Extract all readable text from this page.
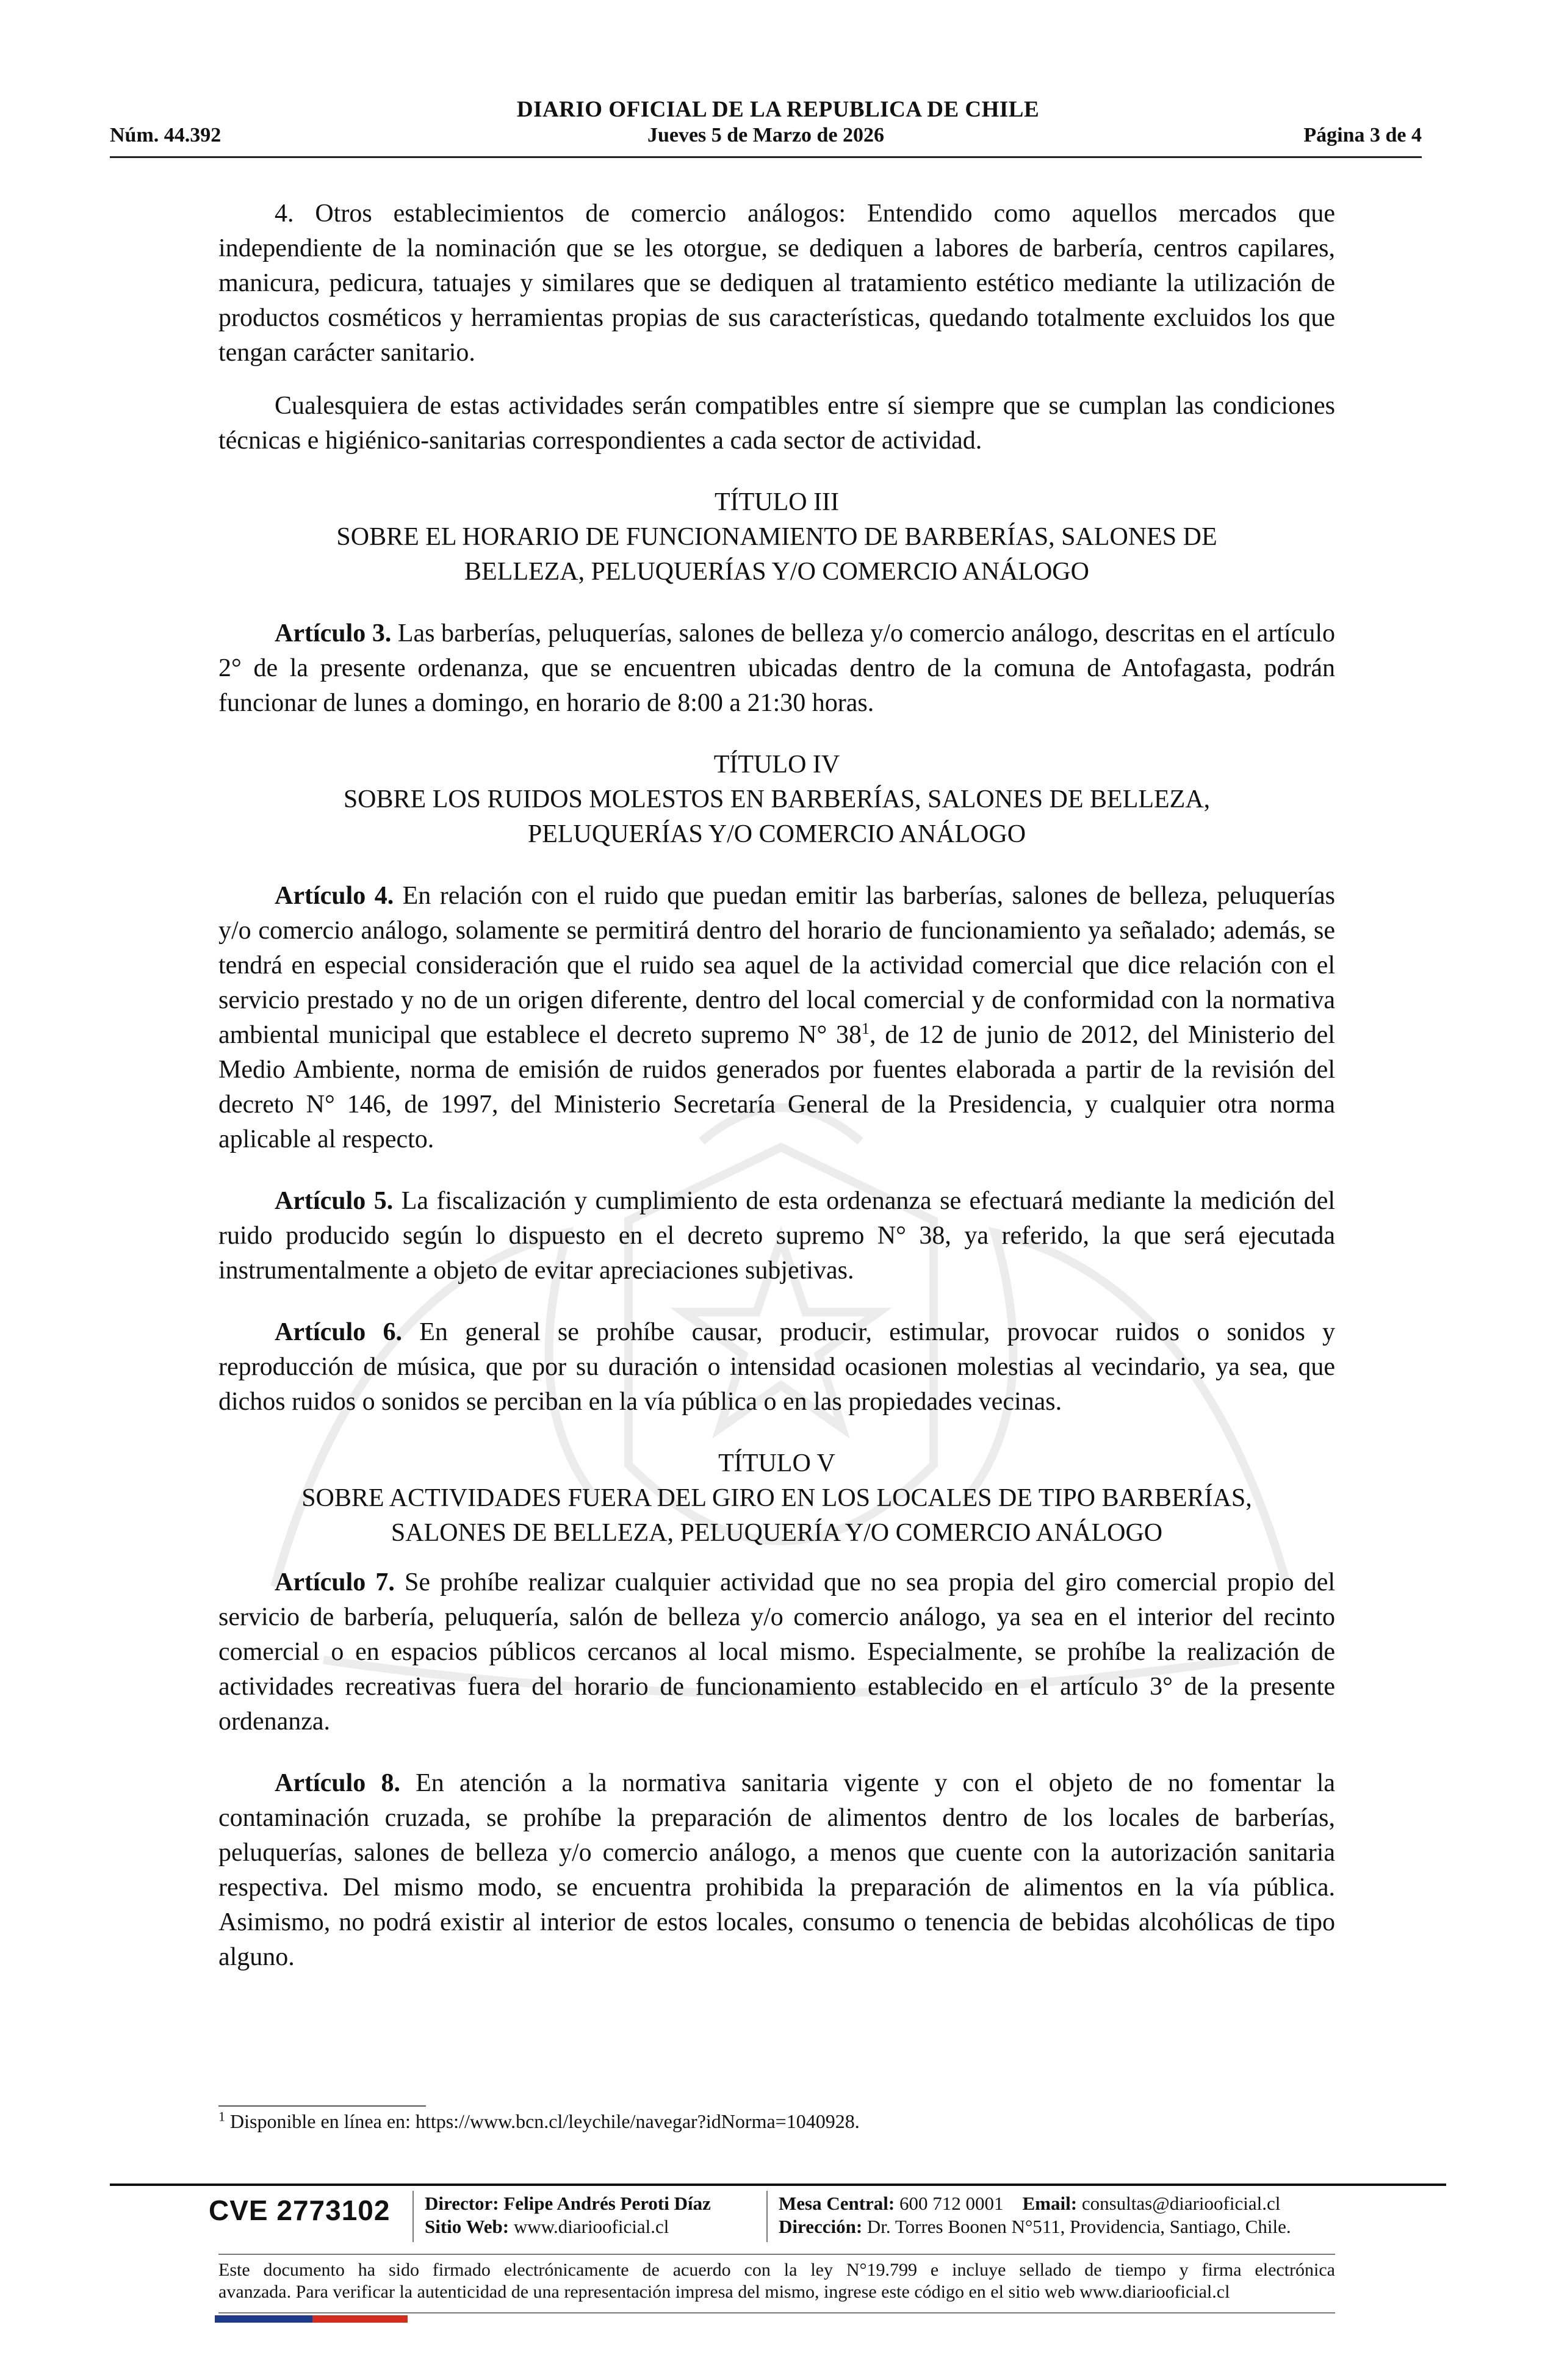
DIARIO OFICIAL DE LA REPUBLICA DE CHILE
Núm. 44.392	Jueves 5 de Marzo de 2026	Página 3 de 4

4. Otros establecimientos de comercio análogos: Entendido como aquellos mercados que independiente de la nominación que se les otorgue, se dediquen a labores de barbería, centros capilares, manicura, pedicura, tatuajes y similares que se dediquen al tratamiento estético mediante la utilización de productos cosméticos y herramientas propias de sus características, quedando totalmente excluidos los que tengan carácter sanitario.

Cualesquiera de estas actividades serán compatibles entre sí siempre que se cumplan las condiciones técnicas e higiénico-sanitarias correspondientes a cada sector de actividad.

TÍTULO III
SOBRE EL HORARIO DE FUNCIONAMIENTO DE BARBERÍAS, SALONES DE
BELLEZA, PELUQUERÍAS Y/O COMERCIO ANÁLOGO

Artículo 3. Las barberías, peluquerías, salones de belleza y/o comercio análogo, descritas en el artículo 2° de la presente ordenanza, que se encuentren ubicadas dentro de la comuna de Antofagasta, podrán funcionar de lunes a domingo, en horario de 8:00 a 21:30 horas.

TÍTULO IV
SOBRE LOS RUIDOS MOLESTOS EN BARBERÍAS, SALONES DE BELLEZA,
PELUQUERÍAS Y/O COMERCIO ANÁLOGO

Artículo 4. En relación con el ruido que puedan emitir las barberías, salones de belleza, peluquerías y/o comercio análogo, solamente se permitirá dentro del horario de funcionamiento ya señalado; además, se tendrá en especial consideración que el ruido sea aquel de la actividad comercial que dice relación con el servicio prestado y no de un origen diferente, dentro del local comercial y de conformidad con la normativa ambiental municipal que establece el decreto supremo N° $38^1$, de 12 de junio de 2012, del Ministerio del Medio Ambiente, norma de emisión de ruidos generados por fuentes elaborada a partir de la revisión del decreto N° 146, de 1997, del Ministerio Secretaría General de la Presidencia, y cualquier otra norma aplicable al respecto.

Artículo 5. La fiscalización y cumplimiento de esta ordenanza se efectuará mediante la medición del ruido producido según lo dispuesto en el decreto supremo N° 38, ya referido, la que será ejecutada instrumentalmente a objeto de evitar apreciaciones subjetivas.

Artículo 6. En general se prohíbe causar, producir, estimular, provocar ruidos o sonidos y reproducción de música, que por su duración o intensidad ocasionen molestias al vecindario, ya sea, que dichos ruidos o sonidos se perciban en la vía pública o en las propiedades vecinas.

TÍTULO V
SOBRE ACTIVIDADES FUERA DEL GIRO EN LOS LOCALES DE TIPO BARBERÍAS,
SALONES DE BELLEZA, PELUQUERÍA Y/O COMERCIO ANÁLOGO

Artículo 7. Se prohíbe realizar cualquier actividad que no sea propia del giro comercial propio del servicio de barbería, peluquería, salón de belleza y/o comercio análogo, ya sea en el interior del recinto comercial o en espacios públicos cercanos al local mismo. Especialmente, se prohíbe la realización de actividades recreativas fuera del horario de funcionamiento establecido en el artículo 3° de la presente ordenanza.

Artículo 8. En atención a la normativa sanitaria vigente y con el objeto de no fomentar la contaminación cruzada, se prohíbe la preparación de alimentos dentro de los locales de barberías, peluquerías, salones de belleza y/o comercio análogo, a menos que cuente con la autorización sanitaria respectiva. Del mismo modo, se encuentra prohibida la preparación de alimentos en la vía pública. Asimismo, no podrá existir al interior de estos locales, consumo o tenencia de bebidas alcohólicas de tipo alguno.

$^1$ Disponible en línea en: https://www.bcn.cl/leychile/navegar?idNorma=1040928.
CVE 2773102 Director: Felipe Andrés Peroti Díaz
Sitio Web: www.diariooficial.cl
Mesa Central: 600 712 0001 Email: consultas@diariooficial.cl
Dirección: Dr. Torres Boonen N°511, Providencia, Santiago, Chile.
Este documento ha sido firmado electrónicamente de acuerdo con la ley N°19.799 e incluye sellado de tiempo y firma electrónica
avanzada. Para verificar la autenticidad de una representación impresa del mismo, ingrese este código en el sitio web www.diariooficial.cl
